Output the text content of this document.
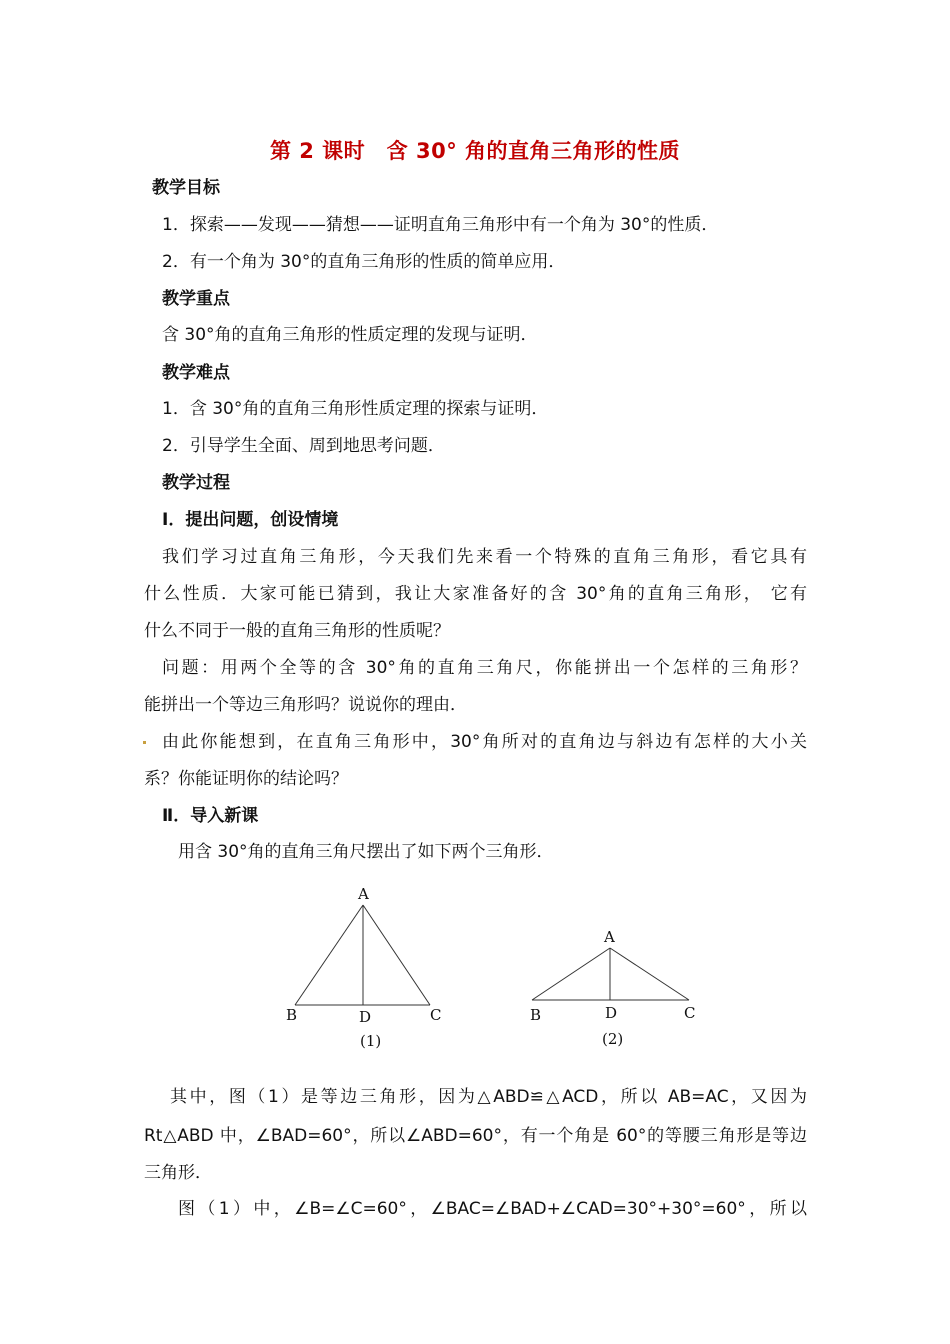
第 2 课时　含 30° 角的直角三角形的性质
教学目标
1．探索——发现——猜想——证明直角三角形中有一个角为 30°的性质．
2．有一个角为 30°的直角三角形的性质的简单应用．
教学重点
含 30°角的直角三角形的性质定理的发现与证明．
教学难点
1．含 30°角的直角三角形性质定理的探索与证明．
2．引导学生全面、周到地思考问题．
教学过程
Ⅰ．提出问题，创设情境
我们学习过直角三角形，今天我们先来看一个特殊的直角三角形，看它具有
什么性质．大家可能已猜到，我让大家准备好的含 30°角的直角三角形， 它有
什么不同于一般的直角三角形的性质呢？
问题：用两个全等的含 30°角的直角三角尺，你能拼出一个怎样的三角形？
能拼出一个等边三角形吗？说说你的理由．
由此你能想到，在直角三角形中，30°角所对的直角边与斜边有怎样的大小关
系？你能证明你的结论吗？
Ⅱ．导入新课
用含 30°角的直角三角尺摆出了如下两个三角形．
A
B	D	C
(1)
A
B	D	C
(2)
其中，图（1）是等边三角形，因为△ABD≌△ACD，所以 AB=AC，又因为
Rt△ABD 中，∠BAD=60°，所以∠ABD=60°，有一个角是 60°的等腰三角形是等边
三角形．
图（1）中，∠B=∠C=60°，∠BAC=∠BAD+∠CAD=30°+30°=60°，所以
